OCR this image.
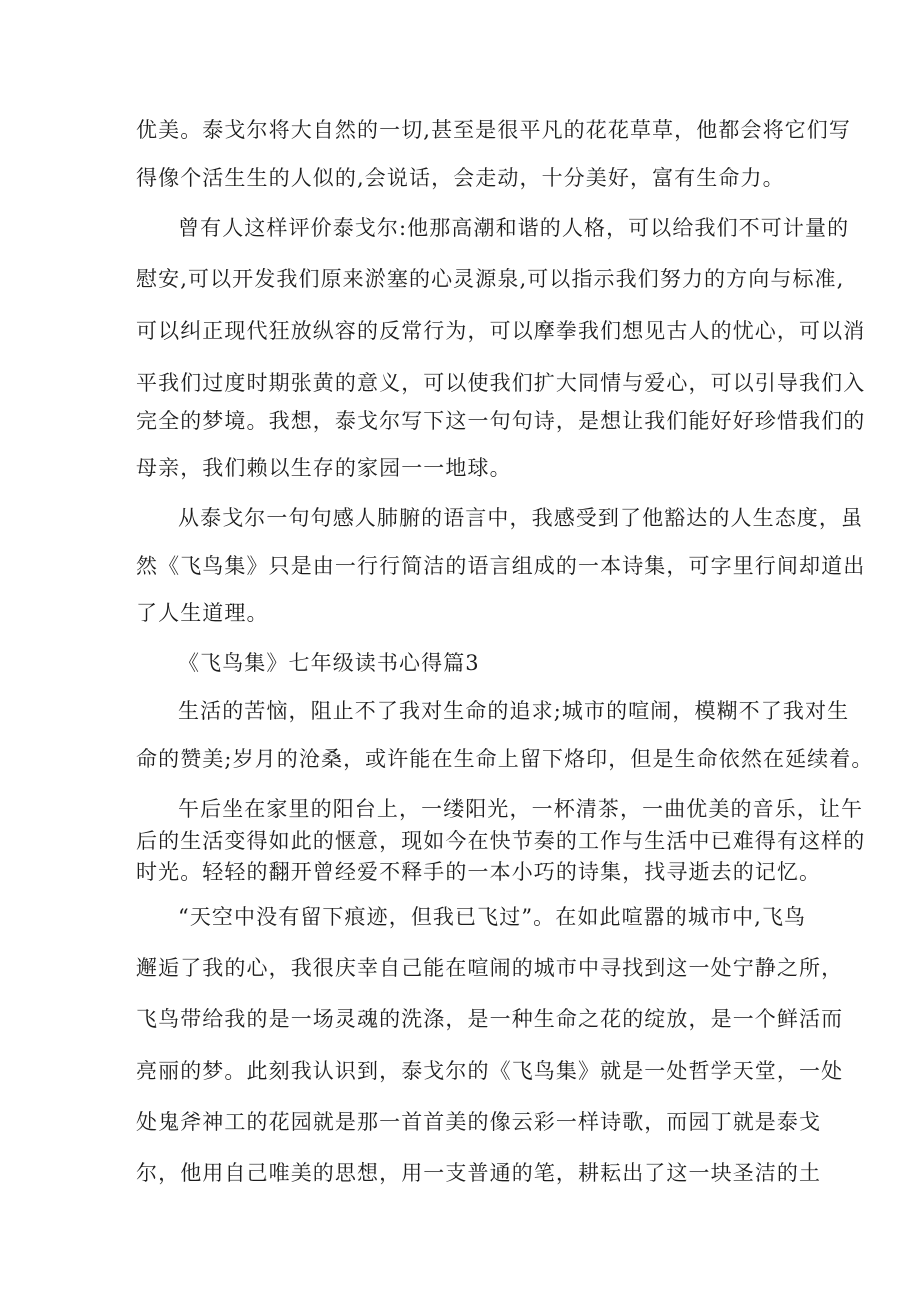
优美。泰戈尔将大自然的一切,甚至是很平凡的花花草草，他都会将它们写

得像个活生生的人似的,会说话，会走动，十分美好，富有生命力。

曾有人这样评价泰戈尔:他那高潮和谐的人格，可以给我们不可计量的

慰安,可以开发我们原来淤塞的心灵源泉,可以指示我们努力的方向与标准,

可以纠正现代狂放纵容的反常行为，可以摩拳我们想见古人的忧心，可以消

平我们过度时期张黄的意义，可以使我们扩大同情与爱心，可以引导我们入

完全的梦境。我想，泰戈尔写下这一句句诗，是想让我们能好好珍惜我们的

母亲，我们赖以生存的家园一一地球。

从泰戈尔一句句感人肺腑的语言中，我感受到了他豁达的人生态度，虽

然《飞鸟集》只是由一行行简洁的语言组成的一本诗集，可字里行间却道出

了人生道理。

《飞鸟集》七年级读书心得篇3

生活的苦恼，阻止不了我对生命的追求;城市的喧闹，模糊不了我对生

命的赞美;岁月的沧桑，或许能在生命上留下烙印，但是生命依然在延续着。

午后坐在家里的阳台上，一缕阳光，一杯清茶，一曲优美的音乐，让午

后的生活变得如此的惬意，现如今在快节奏的工作与生活中已难得有这样的

时光。轻轻的翻开曾经爱不释手的一本小巧的诗集，找寻逝去的记忆。

“天空中没有留下痕迹，但我已飞过”。在如此喧嚣的城市中,飞鸟

邂逅了我的心，我很庆幸自己能在喧闹的城市中寻找到这一处宁静之所，

飞鸟带给我的是一场灵魂的洗涤，是一种生命之花的绽放，是一个鲜活而

亮丽的梦。此刻我认识到，泰戈尔的《飞鸟集》就是一处哲学天堂，一处

处鬼斧神工的花园就是那一首首美的像云彩一样诗歌，而园丁就是泰戈

尔，他用自己唯美的思想，用一支普通的笔，耕耘出了这一块圣洁的土
